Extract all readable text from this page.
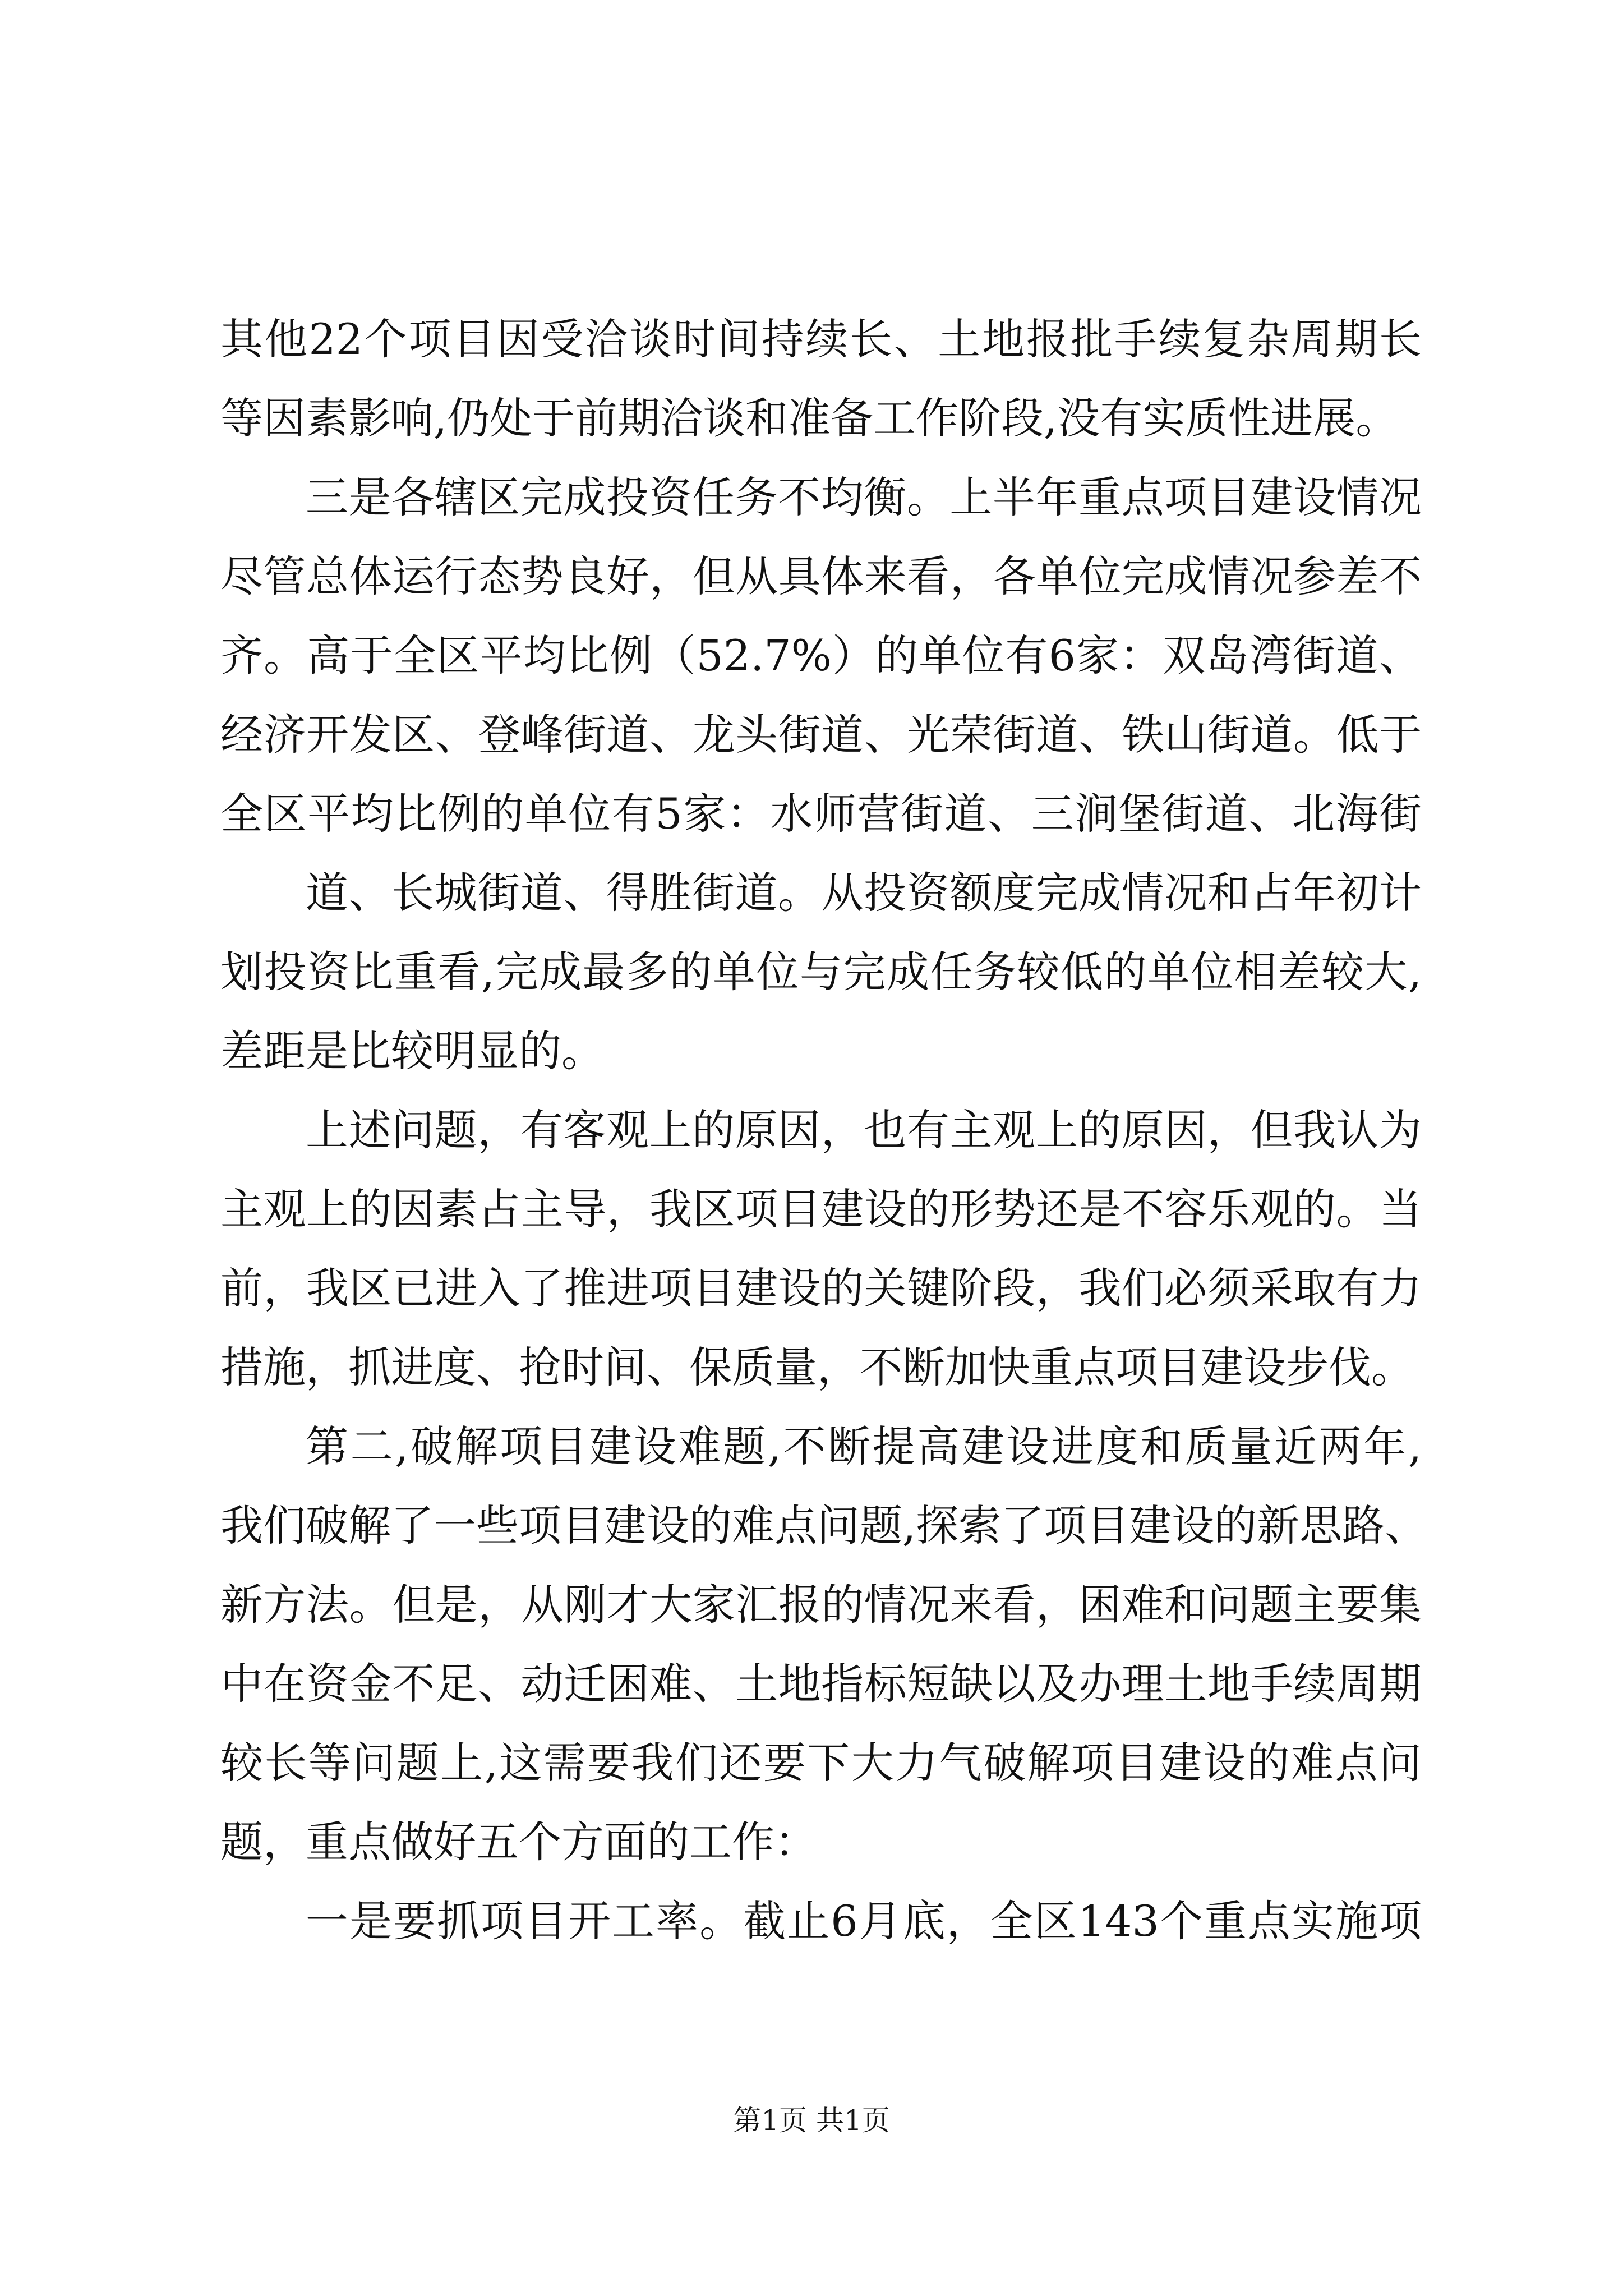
其他22个项目因受洽谈时间持续长、土地报批手续复杂周期长
等因素影响,仍处于前期洽谈和准备工作阶段,没有实质性进展。
三是各辖区完成投资任务不均衡。上半年重点项目建设情况
尽管总体运行态势良好，但从具体来看，各单位完成情况参差不
齐。高于全区平均比例（52.7%）的单位有6家：双岛湾街道、
经济开发区、登峰街道、龙头街道、光荣街道、铁山街道。低于
全区平均比例的单位有5家：水师营街道、三涧堡街道、北海街
道、长城街道、得胜街道。从投资额度完成情况和占年初计
划投资比重看,完成最多的单位与完成任务较低的单位相差较大,
差距是比较明显的。
上述问题，有客观上的原因，也有主观上的原因，但我认为
主观上的因素占主导，我区项目建设的形势还是不容乐观的。当
前，我区已进入了推进项目建设的关键阶段，我们必须采取有力
措施，抓进度、抢时间、保质量，不断加快重点项目建设步伐。
第二,破解项目建设难题,不断提高建设进度和质量近两年,
我们破解了一些项目建设的难点问题,探索了项目建设的新思路、
新方法。但是，从刚才大家汇报的情况来看，困难和问题主要集
中在资金不足、动迁困难、土地指标短缺以及办理土地手续周期
较长等问题上,这需要我们还要下大力气破解项目建设的难点问
题，重点做好五个方面的工作：
一是要抓项目开工率。截止6月底，全区143个重点实施项
第1页 共1页
